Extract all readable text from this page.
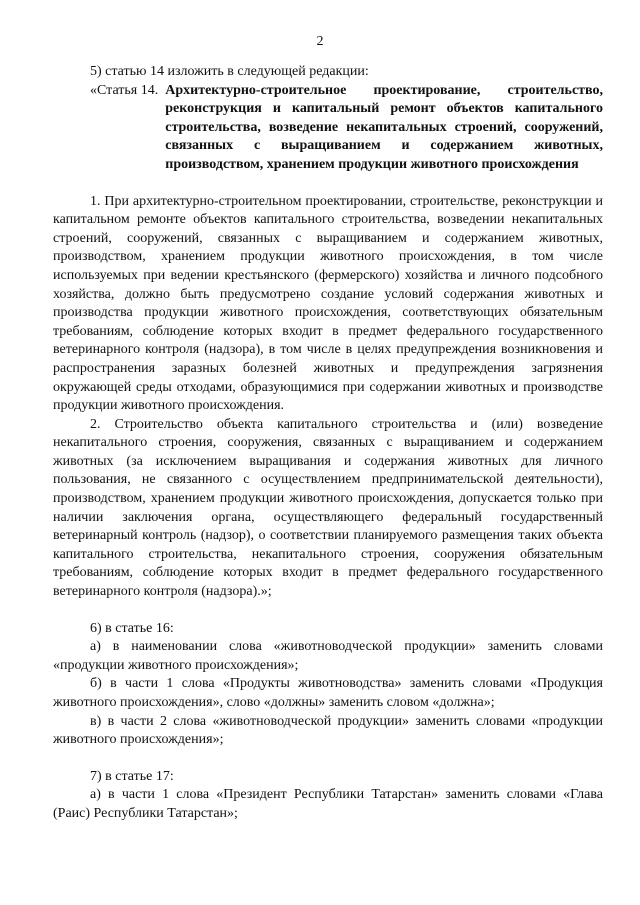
2

5) статью 14 изложить в следующей редакции:

«Статья 14. Архитектурно-строительное проектирование, строительство, реконструкция и капитальный ремонт объектов капитального строительства, возведение некапитальных строений, сооружений, связанных с выращиванием и содержанием животных, производством, хранением продукции животного происхождения

1. При архитектурно-строительном проектировании, строительстве, реконструкции и капитальном ремонте объектов капитального строительства, возведении некапитальных строений, сооружений, связанных с выращиванием и содержанием животных, производством, хранением продукции животного происхождения, в том числе используемых при ведении крестьянского (фермерского) хозяйства и личного подсобного хозяйства, должно быть предусмотрено создание условий содержания животных и производства продукции животного происхождения, соответствующих обязательным требованиям, соблюдение которых входит в предмет федерального государственного ветеринарного контроля (надзора), в том числе в целях предупреждения возникновения и распространения заразных болезней животных и предупреждения загрязнения окружающей среды отходами, образующимися при содержании животных и производстве продукции животного происхождения.

2. Строительство объекта капитального строительства и (или) возведение некапитального строения, сооружения, связанных с выращиванием и содержанием животных (за исключением выращивания и содержания животных для личного пользования, не связанного с осуществлением предпринимательской деятельности), производством, хранением продукции животного происхождения, допускается только при наличии заключения органа, осуществляющего федеральный государственный ветеринарный контроль (надзор), о соответствии планируемого размещения таких объекта капитального строительства, некапитального строения, сооружения обязательным требованиям, соблюдение которых входит в предмет федерального государственного ветеринарного контроля (надзора).»;

6) в статье 16:

а) в наименовании слова «животноводческой продукции» заменить словами «продукции животного происхождения»;

б) в части 1 слова «Продукты животноводства» заменить словами «Продукция животного происхождения», слово «должны» заменить словом «должна»;

в) в части 2 слова «животноводческой продукции» заменить словами «продукции животного происхождения»;

7) в статье 17:

а) в части 1 слова «Президент Республики Татарстан» заменить словами «Глава (Раис) Республики Татарстан»;
